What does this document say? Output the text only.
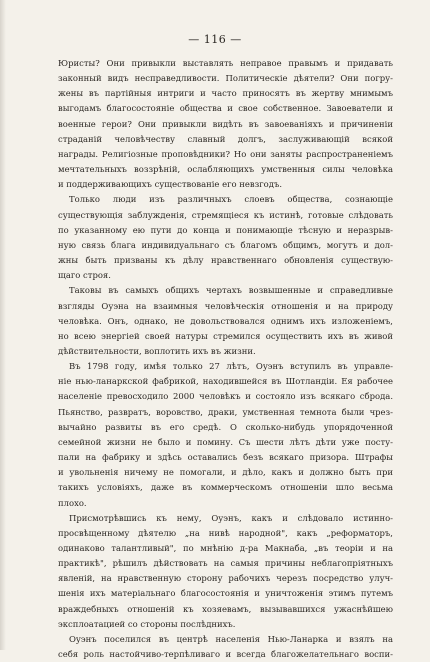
— 116 —
Юристы? Они привыкли выставлять неправое правымъ и придавать
законный видъ несправедливости. Политическіе дѣятели? Они погру-
жены въ партійныя интриги и часто приносятъ въ жертву мнимымъ
выгодамъ благосостояніе общества и свое собственное. Завоеватели и
военные герои? Они привыкли видѣть въ завоеваніяхъ и причиненіи
страданій человѣчеству славный долгъ, заслуживающій всякой
награды. Религіозные проповѣдники? Но они заняты распространеніемъ
мечтательныхъ воззрѣній, ослабляющихъ умственныя силы человѣка
и поддерживающихъ существованіе его невзгодъ.
Только люди изъ различныхъ слоевъ общества, сознающіе
существующія заблужденія, стремящіеся къ истинѣ, готовые слѣдовать
по указанному ею пути до конца и понимающіе тѣсную и неразрыв-
ную связь блага индивидуальнаго съ благомъ общимъ, могутъ и дол-
жны быть призваны къ дѣлу нравственнаго обновленія существую-
щаго строя.
Таковы въ самыхъ общихъ чертахъ возвышенные и справедливые
взгляды Оуэна на взаимныя человѣческія отношенія и на природу
человѣка. Онъ, однако, не довольствовался однимъ ихъ изложеніемъ,
но всею энергіей своей натуры стремился осуществить ихъ въ живой
дѣйствительности, воплотить ихъ въ жизни.
Въ 1798 году, имѣя только 27 лѣтъ, Оуэнъ вступилъ въ управле-
ніе нью-ланаркской фабрикой, находившейся въ Шотландіи. Ея рабочее
населеніе превосходило 2000 человѣкъ и состояло изъ всякаго сброда.
Пьянство, развратъ, воровство, драки, умственная темнота были чрез-
вычайно развиты въ его средѣ. О сколько-нибудь упорядоченной
семейной жизни не было и помину. Съ шести лѣтъ дѣти уже посту-
пали на фабрику и здѣсь оставались безъ всякаго призора. Штрафы
и увольненія ничему не помогали, и дѣло, какъ и должно быть при
такихъ условіяхъ, даже въ коммерческомъ отношеніи шло весьма
плохо.
Присмотрѣвшись къ нему, Оуэнъ, какъ и слѣдовало истинно-
просвѣщенному дѣятелю „на нивѣ народной", какъ „реформаторъ,
одинаково талантливый", по мнѣнію д-ра Макнаба, „въ теоріи и на
практикѣ", рѣшилъ дѣйствовать на самыя причины неблагопріятныхъ
явленій, на нравственную сторону рабочихъ черезъ посредство улуч-
шенія ихъ матеріальнаго благосостоянія и уничтоженія этимъ путемъ
враждебныхъ отношеній къ хозяевамъ, вызывавшихся ужаснѣйшею
эксплоатацией со стороны послѣднихъ.
Оуэнъ поселился въ центрѣ населенія Нью-Ланарка и взялъ на
себя роль настойчиво-терпѣливаго и всегда благожелательнаго воспи-
